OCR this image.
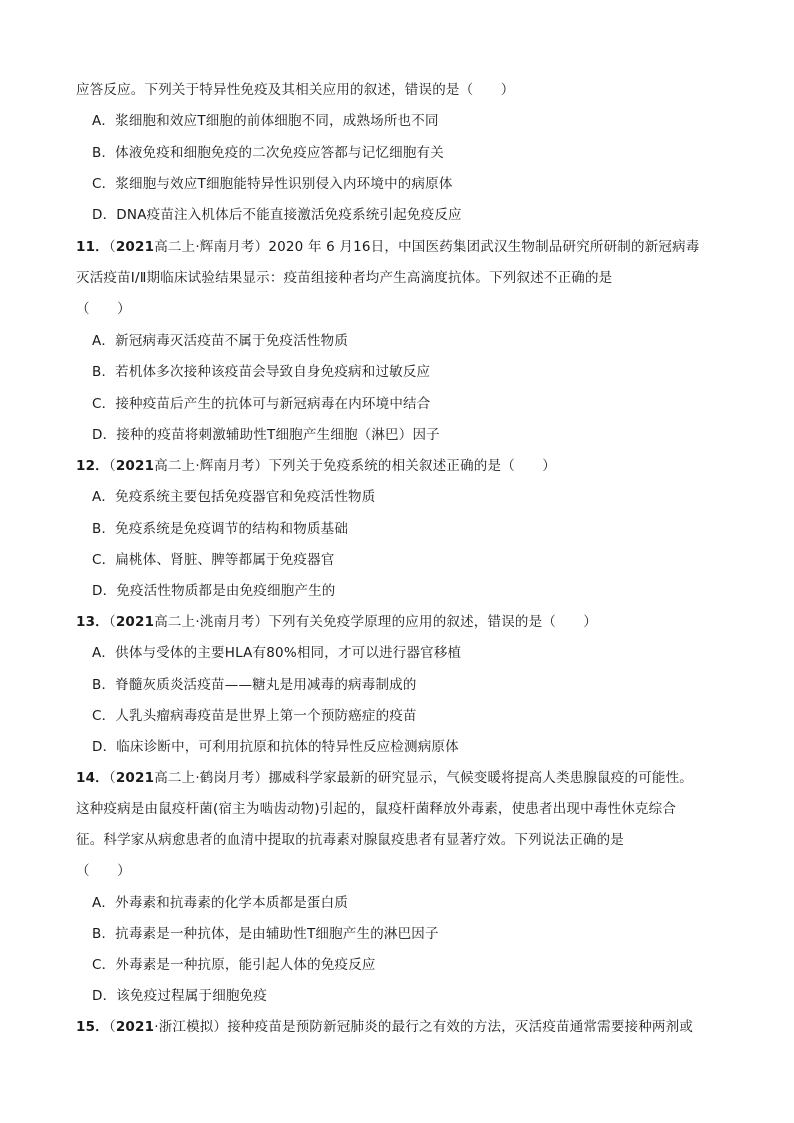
应答反应。下列关于特异性免疫及其相关应用的叙述，错误的是（　　）
A．浆细胞和效应T细胞的前体细胞不同，成熟场所也不同
B．体液免疫和细胞免疫的二次免疫应答都与记忆细胞有关
C．浆细胞与效应T细胞能特异性识别侵入内环境中的病原体
D．DNA疫苗注入机体后不能直接激活免疫系统引起免疫反应
11．（2021高二上·辉南月考）2020 年 6 月16日，中国医药集团武汉生物制品研究所研制的新冠病毒
灭活疫苗Ⅰ/Ⅱ期临床试验结果显示：疫苗组接种者均产生高滴度抗体。下列叙述不正确的是
（　　）
A．新冠病毒灭活疫苗不属于免疫活性物质
B．若机体多次接种该疫苗会导致自身免疫病和过敏反应
C．接种疫苗后产生的抗体可与新冠病毒在内环境中结合
D．接种的疫苗将刺激辅助性T细胞产生细胞（淋巴）因子
12．（2021高二上·辉南月考）下列关于免疫系统的相关叙述正确的是（　　）
A．免疫系统主要包括免疫器官和免疫活性物质
B．免疫系统是免疫调节的结构和物质基础
C．扁桃体、肾脏、脾等都属于免疫器官
D．免疫活性物质都是由免疫细胞产生的
13．（2021高二上·洮南月考）下列有关免疫学原理的应用的叙述，错误的是（　　）
A．供体与受体的主要HLA有80%相同，才可以进行器官移植
B．脊髓灰质炎活疫苗——糖丸是用减毒的病毒制成的
C．人乳头瘤病毒疫苗是世界上第一个预防癌症的疫苗
D．临床诊断中，可利用抗原和抗体的特异性反应检测病原体
14．（2021高二上·鹤岗月考）挪威科学家最新的研究显示，气候变暖将提高人类患腺鼠疫的可能性。
这种疫病是由鼠疫杆菌(宿主为啮齿动物)引起的，鼠疫杆菌释放外毒素，使患者出现中毒性休克综合
征。科学家从病愈患者的血清中提取的抗毒素对腺鼠疫患者有显著疗效。下列说法正确的是
（　　）
A．外毒素和抗毒素的化学本质都是蛋白质
B．抗毒素是一种抗体，是由辅助性T细胞产生的淋巴因子
C．外毒素是一种抗原，能引起人体的免疫反应
D．该免疫过程属于细胞免疫
15．（2021·浙江模拟）接种疫苗是预防新冠肺炎的最行之有效的方法，灭活疫苗通常需要接种两剂或
